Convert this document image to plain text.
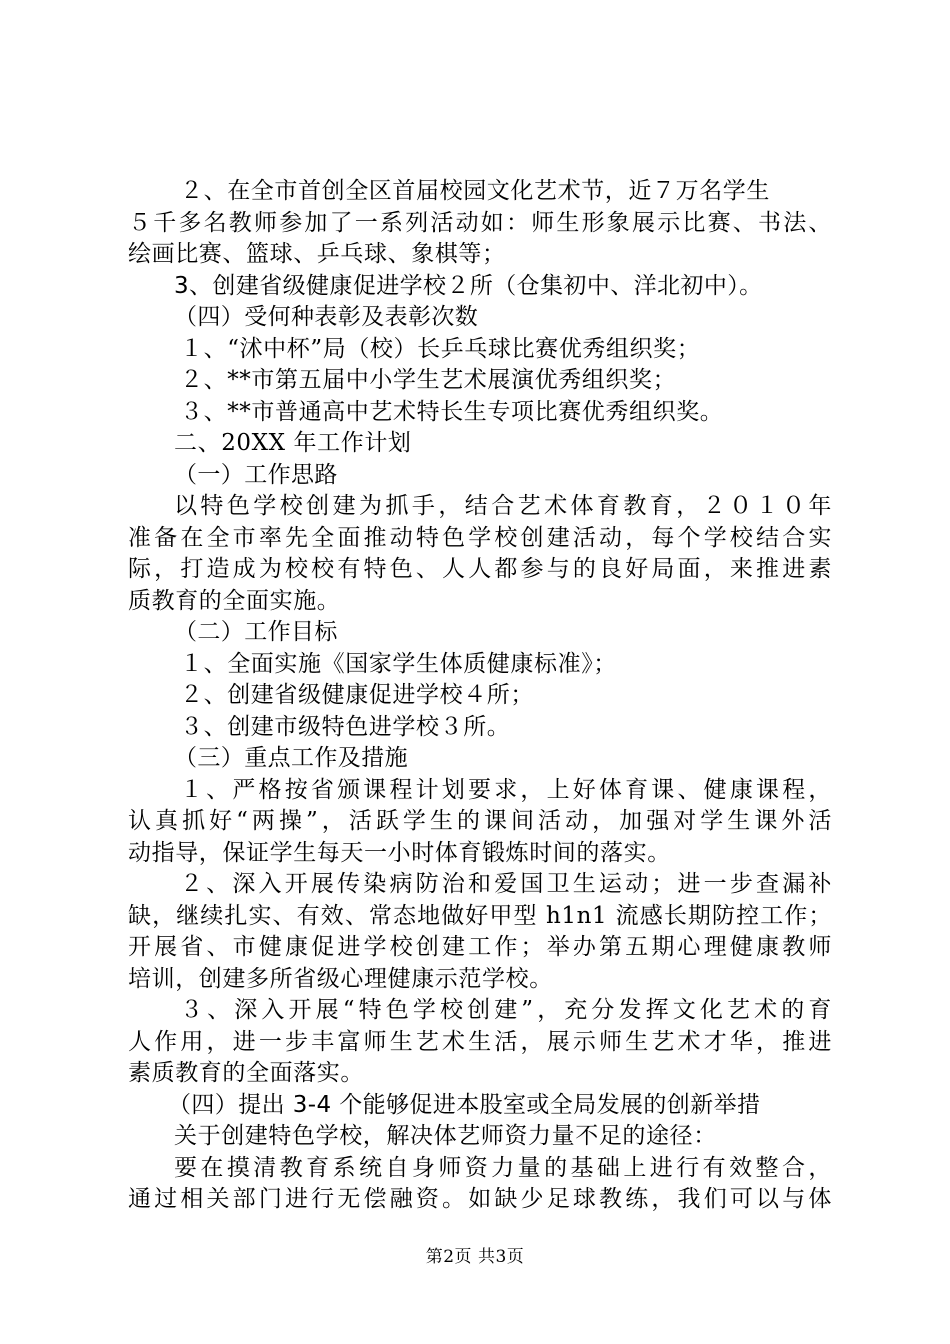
２、在全市首创全区首届校园文化艺术节，近７万名学生
５千多名教师参加了一系列活动如：师生形象展示比赛、书法、
绘画比赛、篮球、乒乓球、象棋等；
3、创建省级健康促进学校２所（仓集初中、洋北初中）。
（四）受何种表彰及表彰次数
１、“沭中杯”局（校）长乒乓球比赛优秀组织奖；
２、**市第五届中小学生艺术展演优秀组织奖；
３、**市普通高中艺术特长生专项比赛优秀组织奖。
二、20XX 年工作计划
（一）工作思路
以特色学校创建为抓手，结合艺术体育教育，２０１０年
准备在全市率先全面推动特色学校创建活动，每个学校结合实
际，打造成为校校有特色、人人都参与的良好局面，来推进素
质教育的全面实施。
（二）工作目标
１、全面实施《国家学生体质健康标准》；
２、创建省级健康促进学校４所；
３、创建市级特色进学校３所。
（三）重点工作及措施
１、严格按省颁课程计划要求，上好体育课、健康课程，
认真抓好“两操”，活跃学生的课间活动，加强对学生课外活
动指导，保证学生每天一小时体育锻炼时间的落实。
２、深入开展传染病防治和爱国卫生运动；进一步查漏补
缺，继续扎实、有效、常态地做好甲型 h1n1 流感长期防控工作；
开展省、市健康促进学校创建工作；举办第五期心理健康教师
培训，创建多所省级心理健康示范学校。
３、深入开展“特色学校创建”，充分发挥文化艺术的育
人作用，进一步丰富师生艺术生活，展示师生艺术才华，推进
素质教育的全面落实。
（四）提出 3-4 个能够促进本股室或全局发展的创新举措
关于创建特色学校，解决体艺师资力量不足的途径：
要在摸清教育系统自身师资力量的基础上进行有效整合，
通过相关部门进行无偿融资。如缺少足球教练，我们可以与体
第2页 共3页
